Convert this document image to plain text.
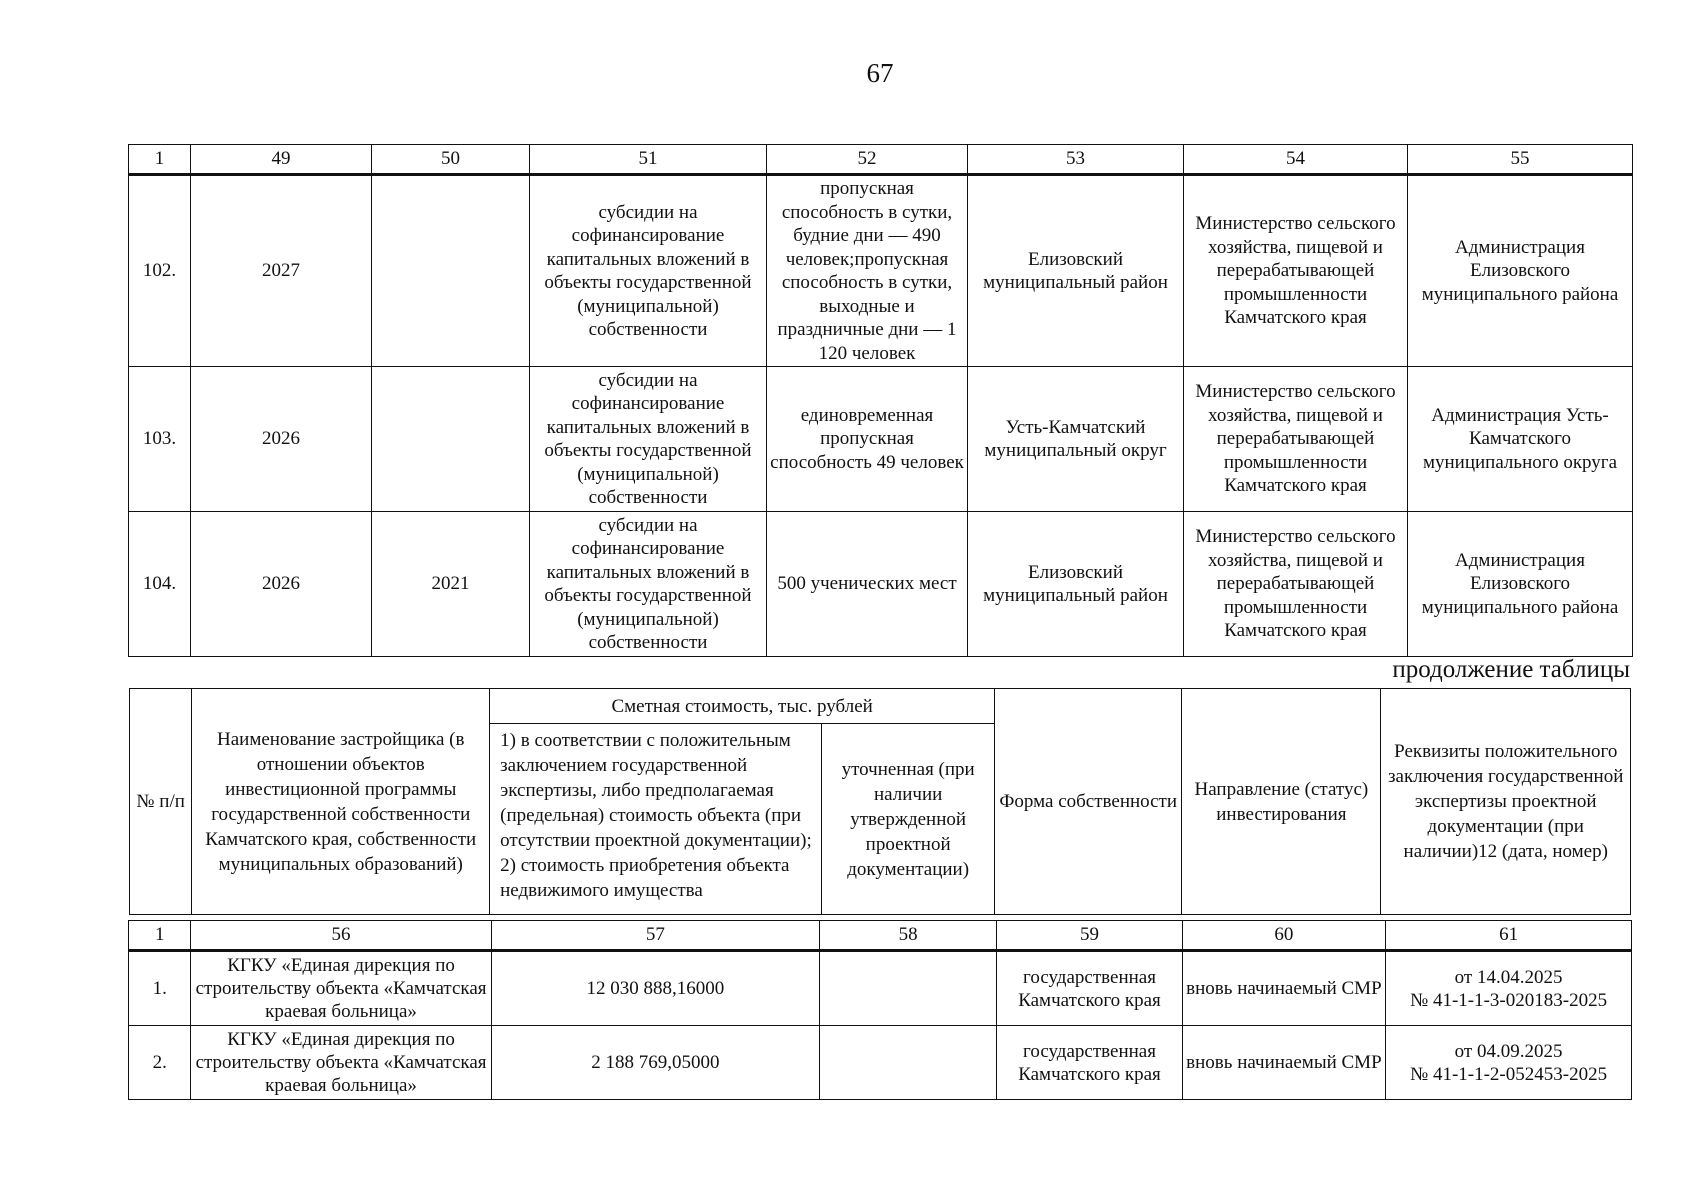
67
1	49	50	51	52	53	54	55
102.	2027		субсидии на софинансирование капитальных вложений в объекты государственной (муниципальной) собственности	пропускная способность в сутки, будние дни — 490 человек;пропускная способность в сутки, выходные и праздничные дни — 1 120 человек	Елизовский муниципальный район	Министерство сельского хозяйства, пищевой и перерабатывающей промышленности Камчатского края	Администрация Елизовского муниципального района
103.	2026		субсидии на софинансирование капитальных вложений в объекты государственной (муниципальной) собственности	единовременная пропускная способность 49 человек	Усть-Камчатский муниципальный округ	Министерство сельского хозяйства, пищевой и перерабатывающей промышленности Камчатского края	Администрация Усть-Камчатского муниципального округа
104.	2026	2021	субсидии на софинансирование капитальных вложений в объекты государственной (муниципальной) собственности	500 ученических мест	Елизовский муниципальный район	Министерство сельского хозяйства, пищевой и перерабатывающей промышленности Камчатского края	Администрация Елизовского муниципального района
продолжение таблицы
№ п/п	Наименование застройщика (в отношении объектов инвестиционной программы государственной собственности Камчатского края, собственности муниципальных образований)	Сметная стоимость, тыс. рублей		Форма собственности	Направление (статус) инвестирования	Реквизиты положительного заключения государственной экспертизы проектной документации (при наличии)12 (дата, номер)
		1) в соответствии с положительным заключением государственной экспертизы, либо предполагаемая (предельная) стоимость объекта (при отсутствии проектной документации); 2) стоимость приобретения объекта недвижимого имущества	уточненная (при наличии утвержденной проектной документации)			
1	56	57	58	59	60	61
1.	КГКУ «Единая дирекция по строительству объекта «Камчатская краевая больница»	12 030 888,16000		государственная Камчатского края	вновь начинаемый СМР	от 14.04.2025
№ 41-1-1-3-020183-2025

2.	КГКУ «Единая дирекция по строительству объекта «Камчатская краевая больница»	2 188 769,05000		государственная Камчатского края	вновь начинаемый СМР	от 04.09.2025
№ 41-1-1-2-052453-2025
